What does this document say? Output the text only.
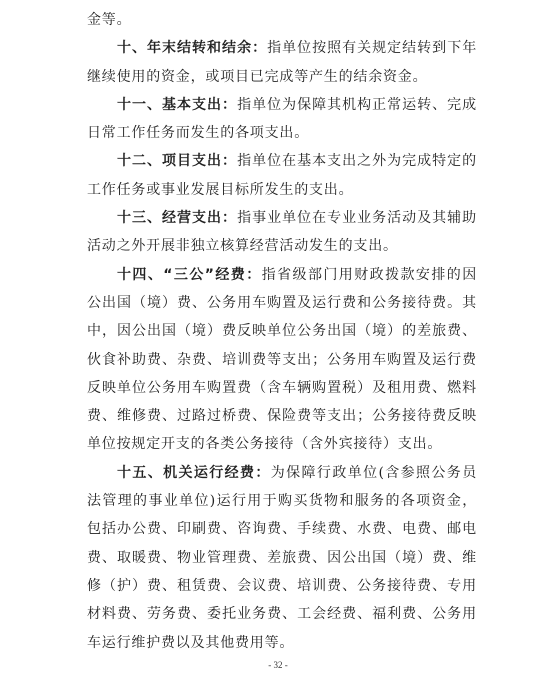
金等。

十、年末结转和结余：指单位按照有关规定结转到下年继续使用的资金，或项目已完成等产生的结余资金。

十一、基本支出：指单位为保障其机构正常运转、完成日常工作任务而发生的各项支出。

十二、项目支出：指单位在基本支出之外为完成特定的工作任务或事业发展目标所发生的支出。

十三、经营支出：指事业单位在专业业务活动及其辅助活动之外开展非独立核算经营活动发生的支出。

十四、“三公”经费：指省级部门用财政拨款安排的因公出国（境）费、公务用车购置及运行费和公务接待费。其中，因公出国（境）费反映单位公务出国（境）的差旅费、伙食补助费、杂费、培训费等支出；公务用车购置及运行费反映单位公务用车购置费（含车辆购置税）及租用费、燃料费、维修费、过路过桥费、保险费等支出；公务接待费反映单位按规定开支的各类公务接待（含外宾接待）支出。

十五、机关运行经费：为保障行政单位(含参照公务员法管理的事业单位)运行用于购买货物和服务的各项资金，包括办公费、印刷费、咨询费、手续费、水费、电费、邮电费、取暖费、物业管理费、差旅费、因公出国（境）费、维修（护）费、租赁费、会议费、培训费、公务接待费、专用材料费、劳务费、委托业务费、工会经费、福利费、公务用车运行维护费以及其他费用等。

- 32 -
